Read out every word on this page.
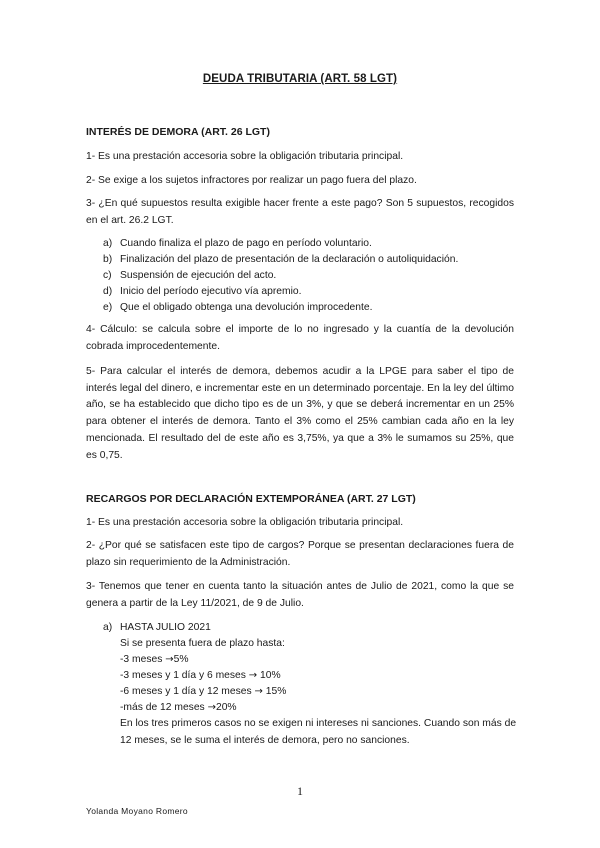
DEUDA TRIBUTARIA (ART. 58 LGT)
INTERÉS DE DEMORA (ART. 26 LGT)

1- Es una prestación accesoria sobre la obligación tributaria principal.

2- Se exige a los sujetos infractores por realizar un pago fuera del plazo.

3- ¿En qué supuestos resulta exigible hacer frente a este pago? Son 5 supuestos, recogidos en el art. 26.2 LGT.

a) Cuando finaliza el plazo de pago en período voluntario.
b) Finalización del plazo de presentación de la declaración o autoliquidación.
c) Suspensión de ejecución del acto.
d) Inicio del período ejecutivo vía apremio.
e) Que el obligado obtenga una devolución improcedente.

4- Cálculo: se calcula sobre el importe de lo no ingresado y la cuantía de la devolución cobrada improcedentemente.

5- Para calcular el interés de demora, debemos acudir a la LPGE para saber el tipo de interés legal del dinero, e incrementar este en un determinado porcentaje. En la ley del último año, se ha establecido que dicho tipo es de un 3%, y que se deberá incrementar en un 25% para obtener el interés de demora. Tanto el 3% como el 25% cambian cada año en la ley mencionada. El resultado del de este año es 3,75%, ya que a 3% le sumamos su 25%, que es 0,75.

RECARGOS POR DECLARACIÓN EXTEMPORÁNEA (ART. 27 LGT)

1- Es una prestación accesoria sobre la obligación tributaria principal.

2- ¿Por qué se satisfacen este tipo de cargos? Porque se presentan declaraciones fuera de plazo sin requerimiento de la Administración.

3- Tenemos que tener en cuenta tanto la situación antes de Julio de 2021, como la que se genera a partir de la Ley 11/2021, de 9 de Julio.

a) HASTA JULIO 2021
Si se presenta fuera de plazo hasta:
-3 meses →5%
-3 meses y 1 día y 6 meses → 10%
-6 meses y 1 día y 12 meses → 15%
-más de 12 meses →20%

En los tres primeros casos no se exigen ni intereses ni sanciones. Cuando son más de 12 meses, se le suma el interés de demora, pero no sanciones.

1
Yolanda Moyano Romero
